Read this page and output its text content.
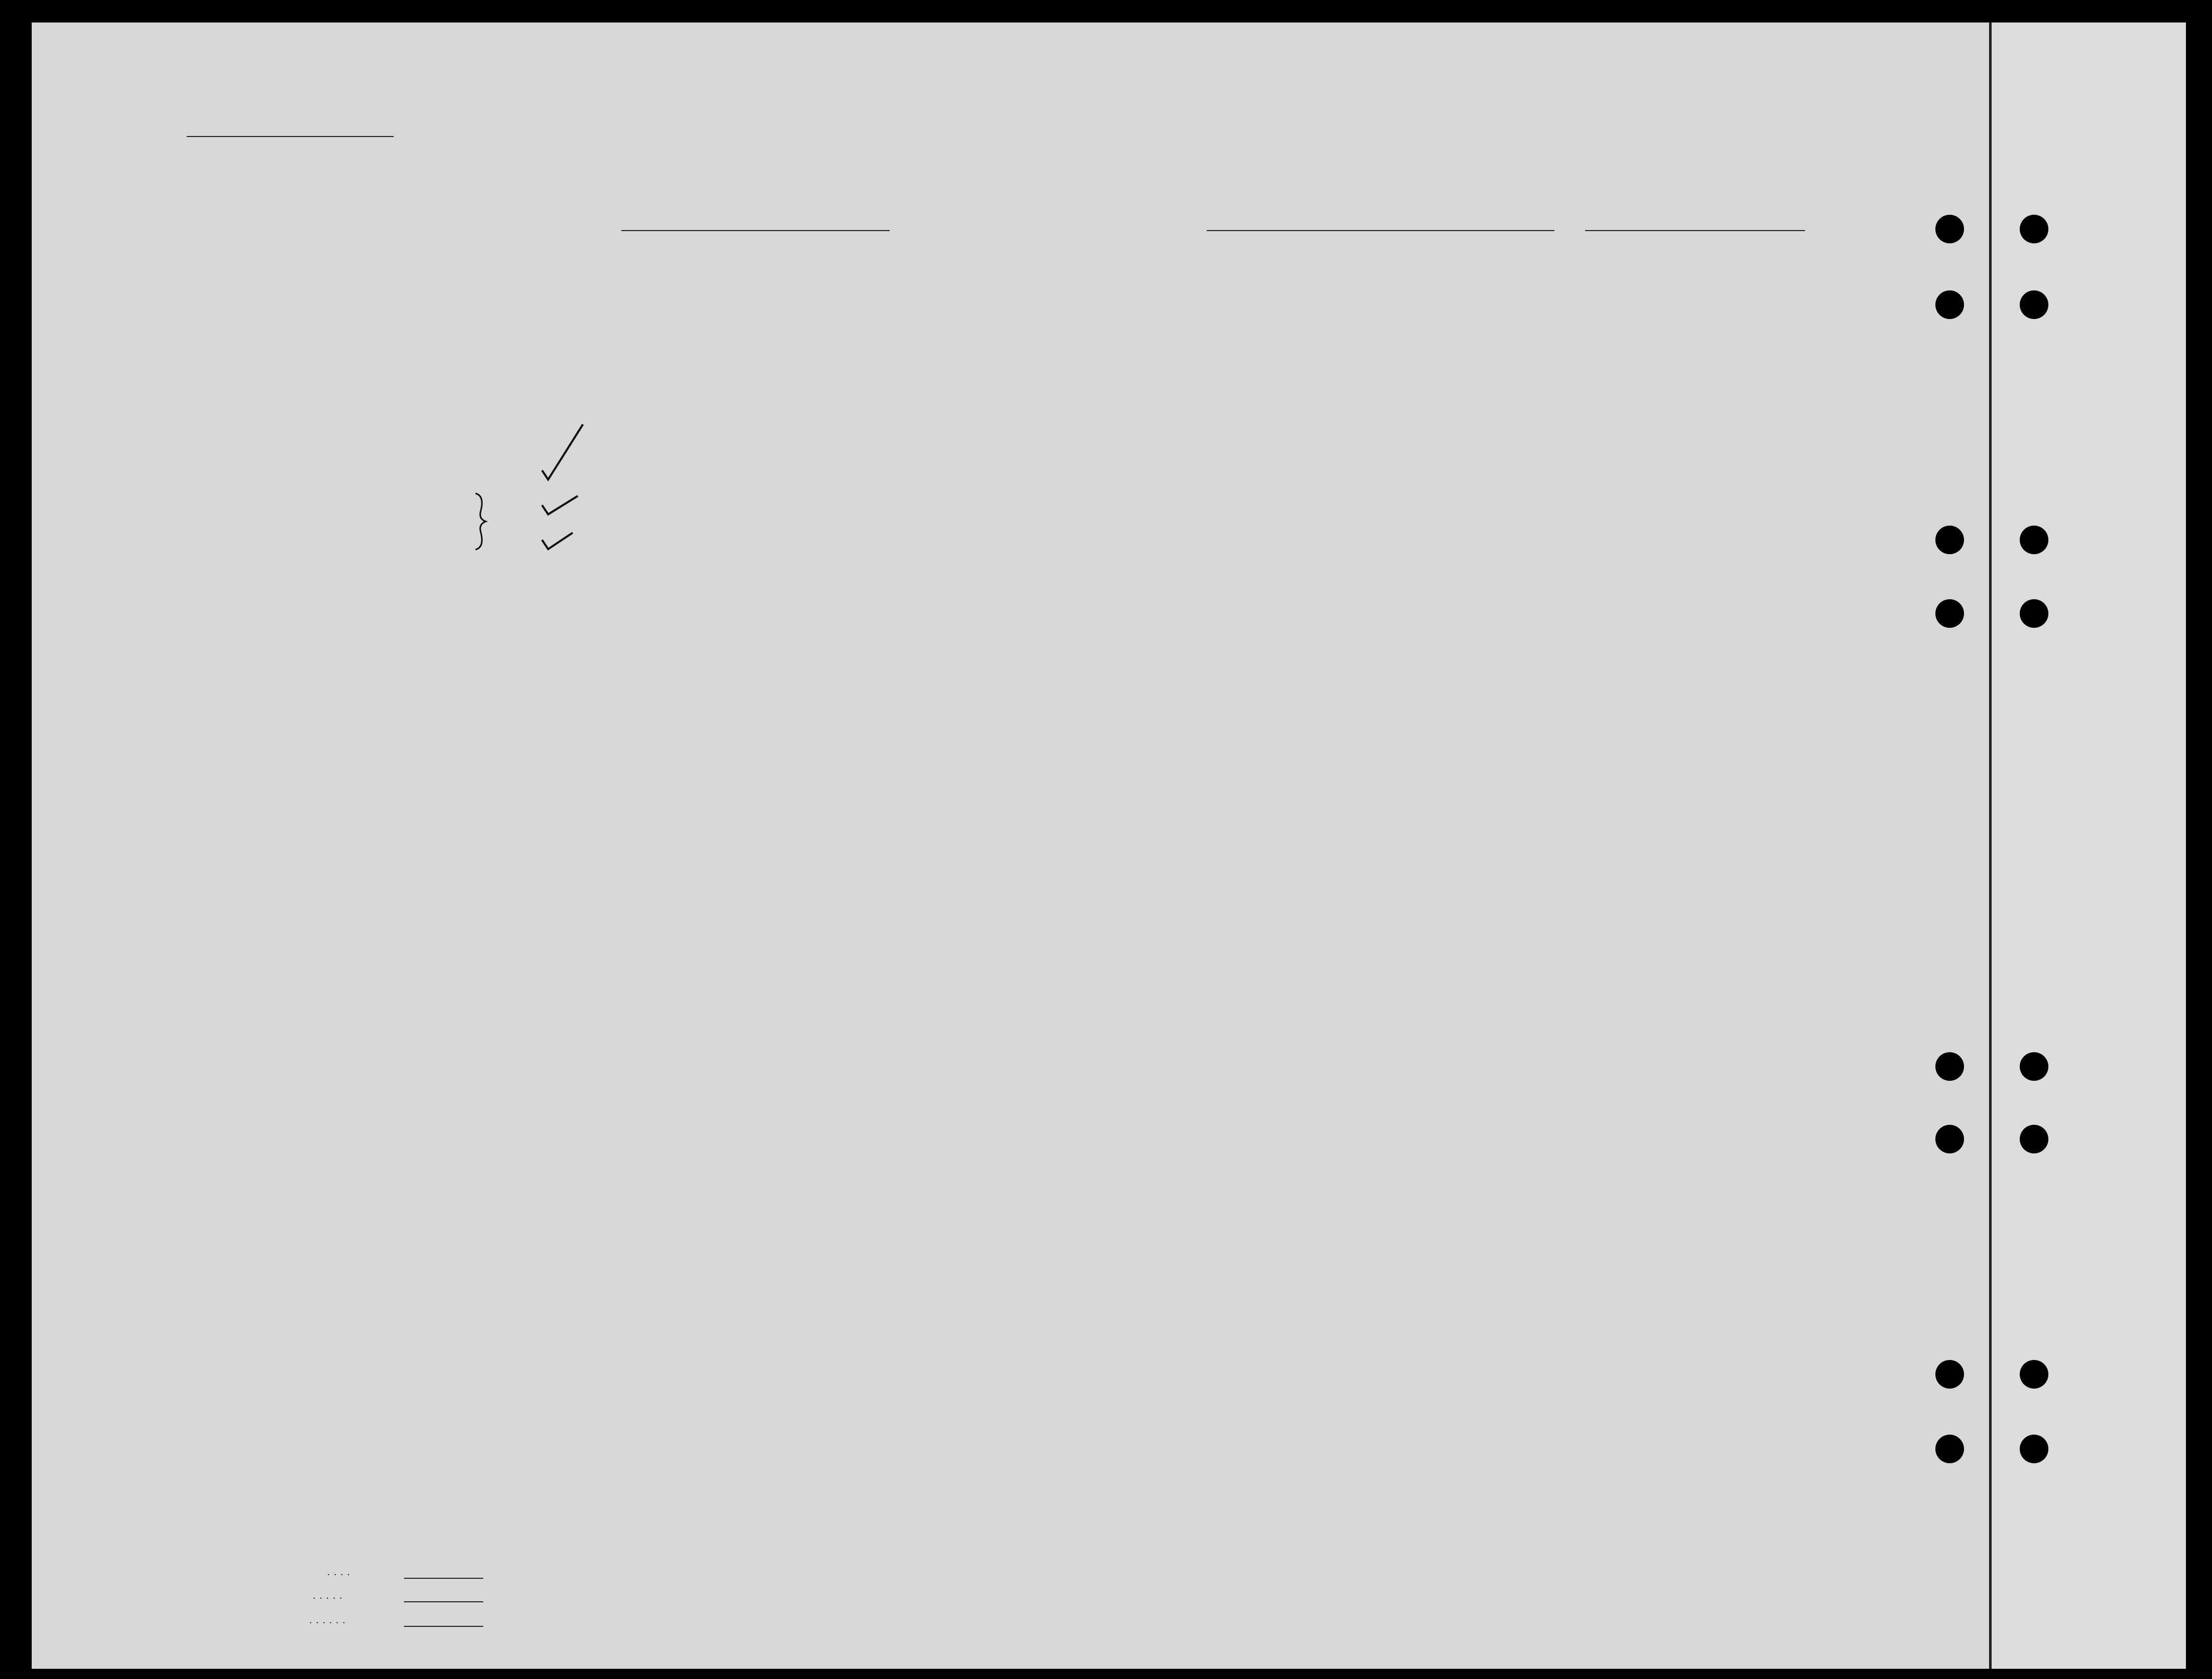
....
.....
......
